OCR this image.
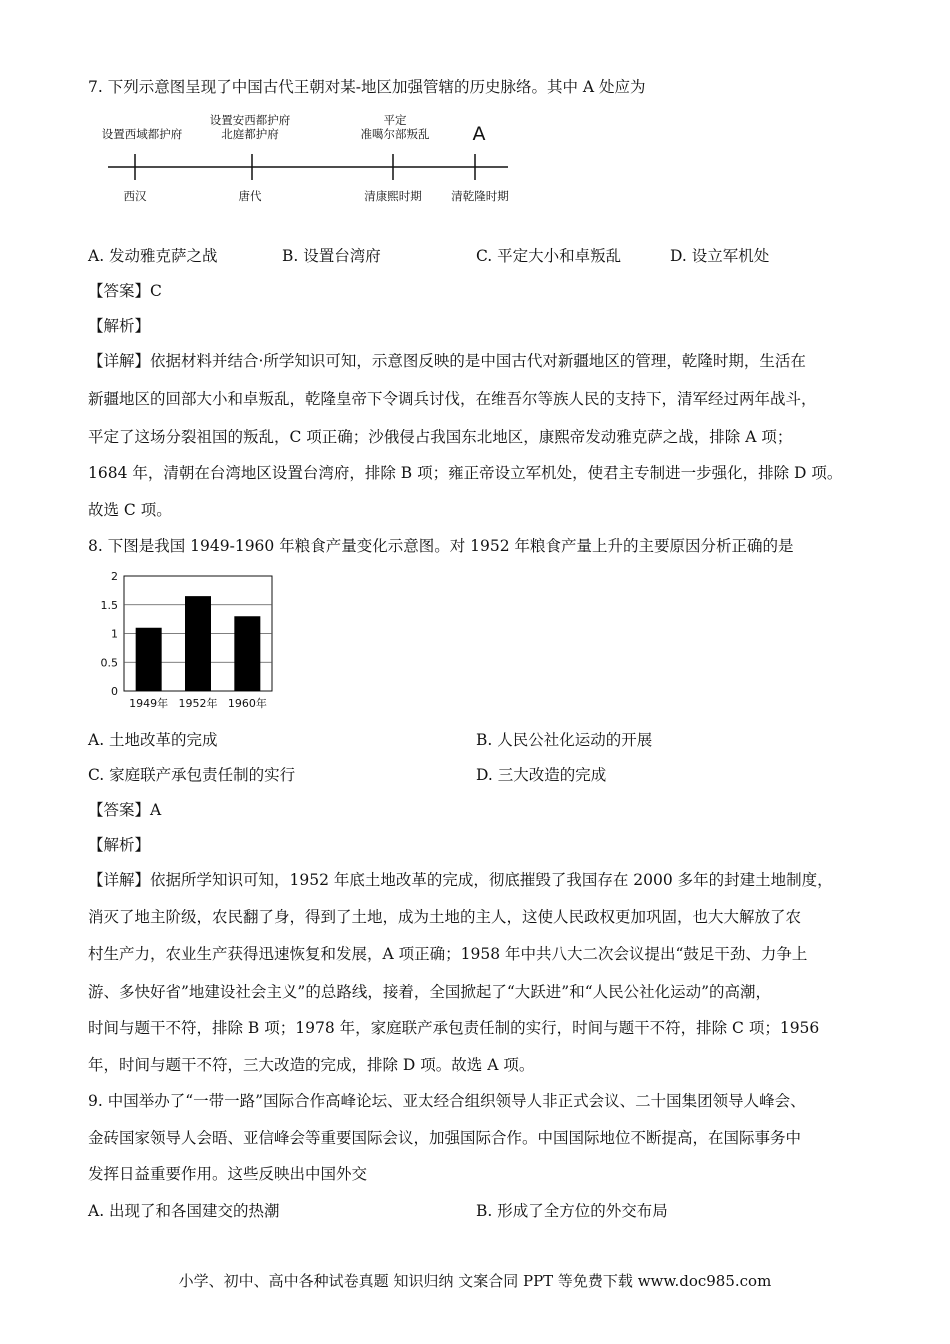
7. 下列示意图呈现了中国古代王朝对某-地区加强管辖的历史脉络。其中 A 处应为
设置西域都护府
设置安西都护府
北庭都护府
平定
准噶尔部叛乱 A
西汉	唐代	清康熙时期	清乾隆时期
A. 发动雅克萨之战	B. 设置台湾府	C. 平定大小和卓叛乱	D. 设立军机处
【答案】C
【解析】
【详解】依据材料并结合·所学知识可知，示意图反映的是中国古代对新疆地区的管理，乾隆时期，生活在
新疆地区的回部大小和卓叛乱，乾隆皇帝下令调兵讨伐，在维吾尔等族人民的支持下，清军经过两年战斗，
平定了这场分裂祖国的叛乱，C 项正确；沙俄侵占我国东北地区，康熙帝发动雅克萨之战，排除 A 项；
1684 年，清朝在台湾地区设置台湾府，排除 B 项；雍正帝设立军机处，使君主专制进一步强化，排除 D 项。
故选 C 项。
8. 下图是我国 1949-1960 年粮食产量变化示意图。对 1952 年粮食产量上升的主要原因分析正确的是
0
0.5
1
1.5
2
1949年 1952年 1960年
A. 土地改革的完成	B. 人民公社化运动的开展
C. 家庭联产承包责任制的实行	D. 三大改造的完成
【答案】A
【解析】
【详解】依据所学知识可知，1952 年底土地改革的完成，彻底摧毁了我国存在 2000 多年的封建土地制度，
消灭了地主阶级，农民翻了身，得到了土地，成为土地的主人，这使人民政权更加巩固，也大大解放了农
村生产力，农业生产获得迅速恢复和发展，A 项正确；1958 年中共八大二次会议提出“鼓足干劲、力争上
游、多快好省”地建设社会主义”的总路线，接着，全国掀起了“大跃进”和“人民公社化运动”的高潮，
时间与题干不符，排除 B 项；1978 年，家庭联产承包责任制的实行，时间与题干不符，排除 C 项；1956
年，时间与题干不符，三大改造的完成，排除 D 项。故选 A 项。
9. 中国举办了“一带一路”国际合作高峰论坛、亚太经合组织领导人非正式会议、二十国集团领导人峰会、
金砖国家领导人会晤、亚信峰会等重要国际会议，加强国际合作。中国国际地位不断提高，在国际事务中
发挥日益重要作用。这些反映出中国外交
A. 出现了和各国建交的热潮	B. 形成了全方位的外交布局
小学、初中、高中各种试卷真题 知识归纳 文案合同 PPT 等免费下载 www.doc985.com
